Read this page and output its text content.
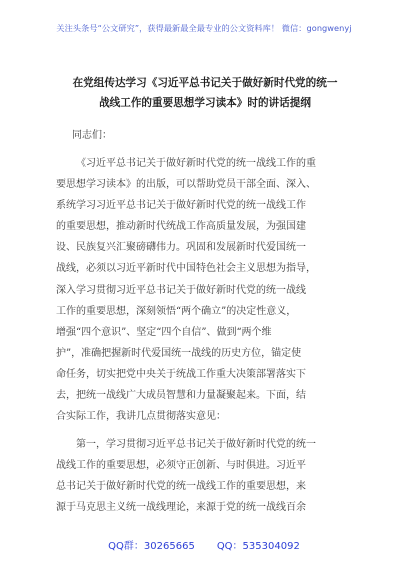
关注头条号“公文研究”，获得最新最全最专业的公文资料库！ 微信：gongwenyj
在党组传达学习《习近平总书记关于做好新时代党的统一
战线工作的重要思想学习读本》时的讲话提纲
同志们：
《习近平总书记关于做好新时代党的统一战线工作的重
要思想学习读本》的出版，可以帮助党员干部全面、深入、
系统学习习近平总书记关于做好新时代党的统一战线工作
的重要思想，推动新时代统战工作高质量发展，为强国建
设、民族复兴汇聚磅礴伟力。巩固和发展新时代爱国统一
战线，必须以习近平新时代中国特色社会主义思想为指导，
深入学习贯彻习近平总书记关于做好新时代党的统一战线
工作的重要思想，深刻领悟“两个确立”的决定性意义，
增强“四个意识”、坚定“四个自信”、做到“两个维
护”，准确把握新时代爱国统一战线的历史方位，锚定使
命任务，切实把党中央关于统战工作重大决策部署落实下
去，把统一战线广大成员智慧和力量凝聚起来。下面，结
合实际工作，我讲几点贯彻落实意见：
第一，学习贯彻习近平总书记关于做好新时代党的统一
战线工作的重要思想，必须守正创新、与时俱进。习近平
总书记关于做好新时代党的统一战线工作的重要思想，来
源于马克思主义统一战线理论，来源于党的统一战线百余
QQ群：30265665 QQ：535304092
